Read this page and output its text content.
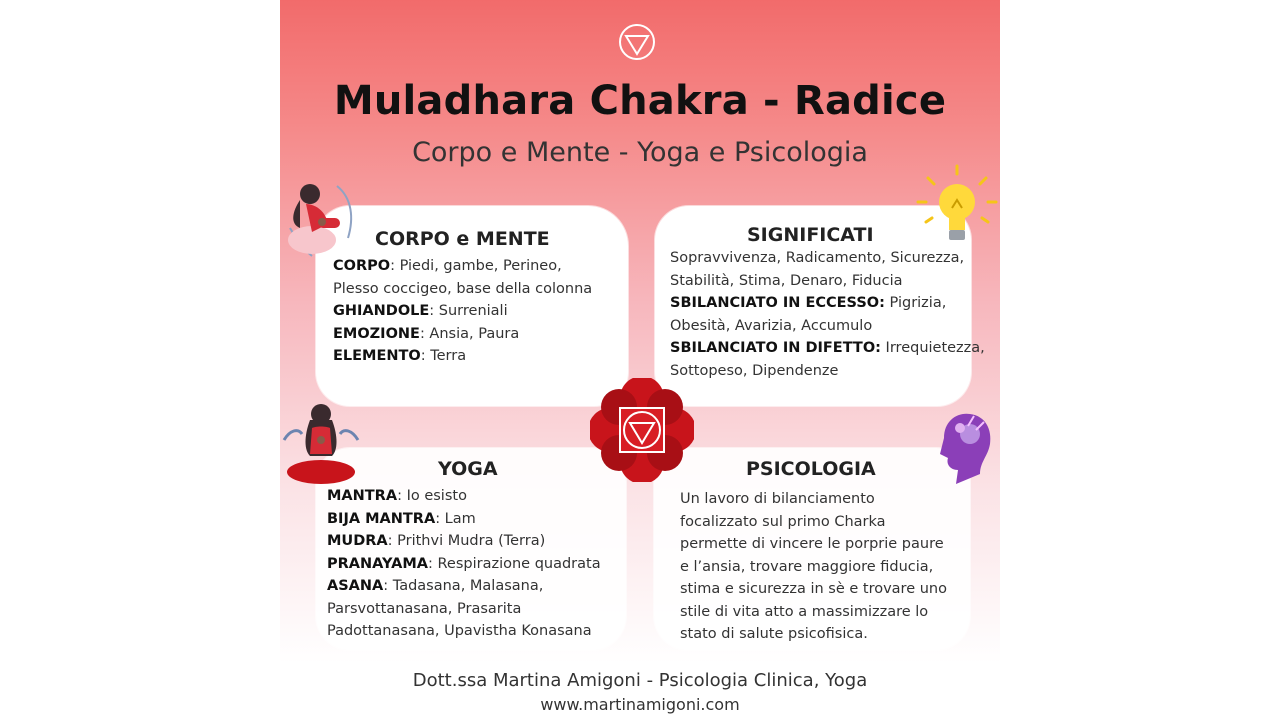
Muladhara Chakra - Radice
Corpo e Mente - Yoga e Psicologia
CORPO e MENTE
CORPO: Piedi, gambe, Perineo,
Plesso coccigeo, base della colonna
GHIANDOLE: Surreniali
EMOZIONE: Ansia, Paura
ELEMENTO: Terra
SIGNIFICATI
Sopravvivenza, Radicamento, Sicurezza,
Stabilità, Stima, Denaro, Fiducia
SBILANCIATO IN ECCESSO: Pigrizia,
Obesità, Avarizia, Accumulo
SBILANCIATO IN DIFETTO: Irrequietezza,
Sottopeso, Dipendenze
YOGA
MANTRA: Io esisto
BIJA MANTRA: Lam
MUDRA: Prithvi Mudra (Terra)
PRANAYAMA: Respirazione quadrata
ASANA: Tadasana, Malasana,
Parsvottanasana, Prasarita
Padottanasana, Upavistha Konasana
PSICOLOGIA
Un lavoro di bilanciamento
focalizzato sul primo Charka
permette di vincere le porprie paure
e l’ansia, trovare maggiore fiducia,
stima e sicurezza in sè e trovare uno
stile di vita atto a massimizzare lo
stato di salute psicofisica.
Dott.ssa Martina Amigoni - Psicologia Clinica, Yoga
www.martinamigoni.com
